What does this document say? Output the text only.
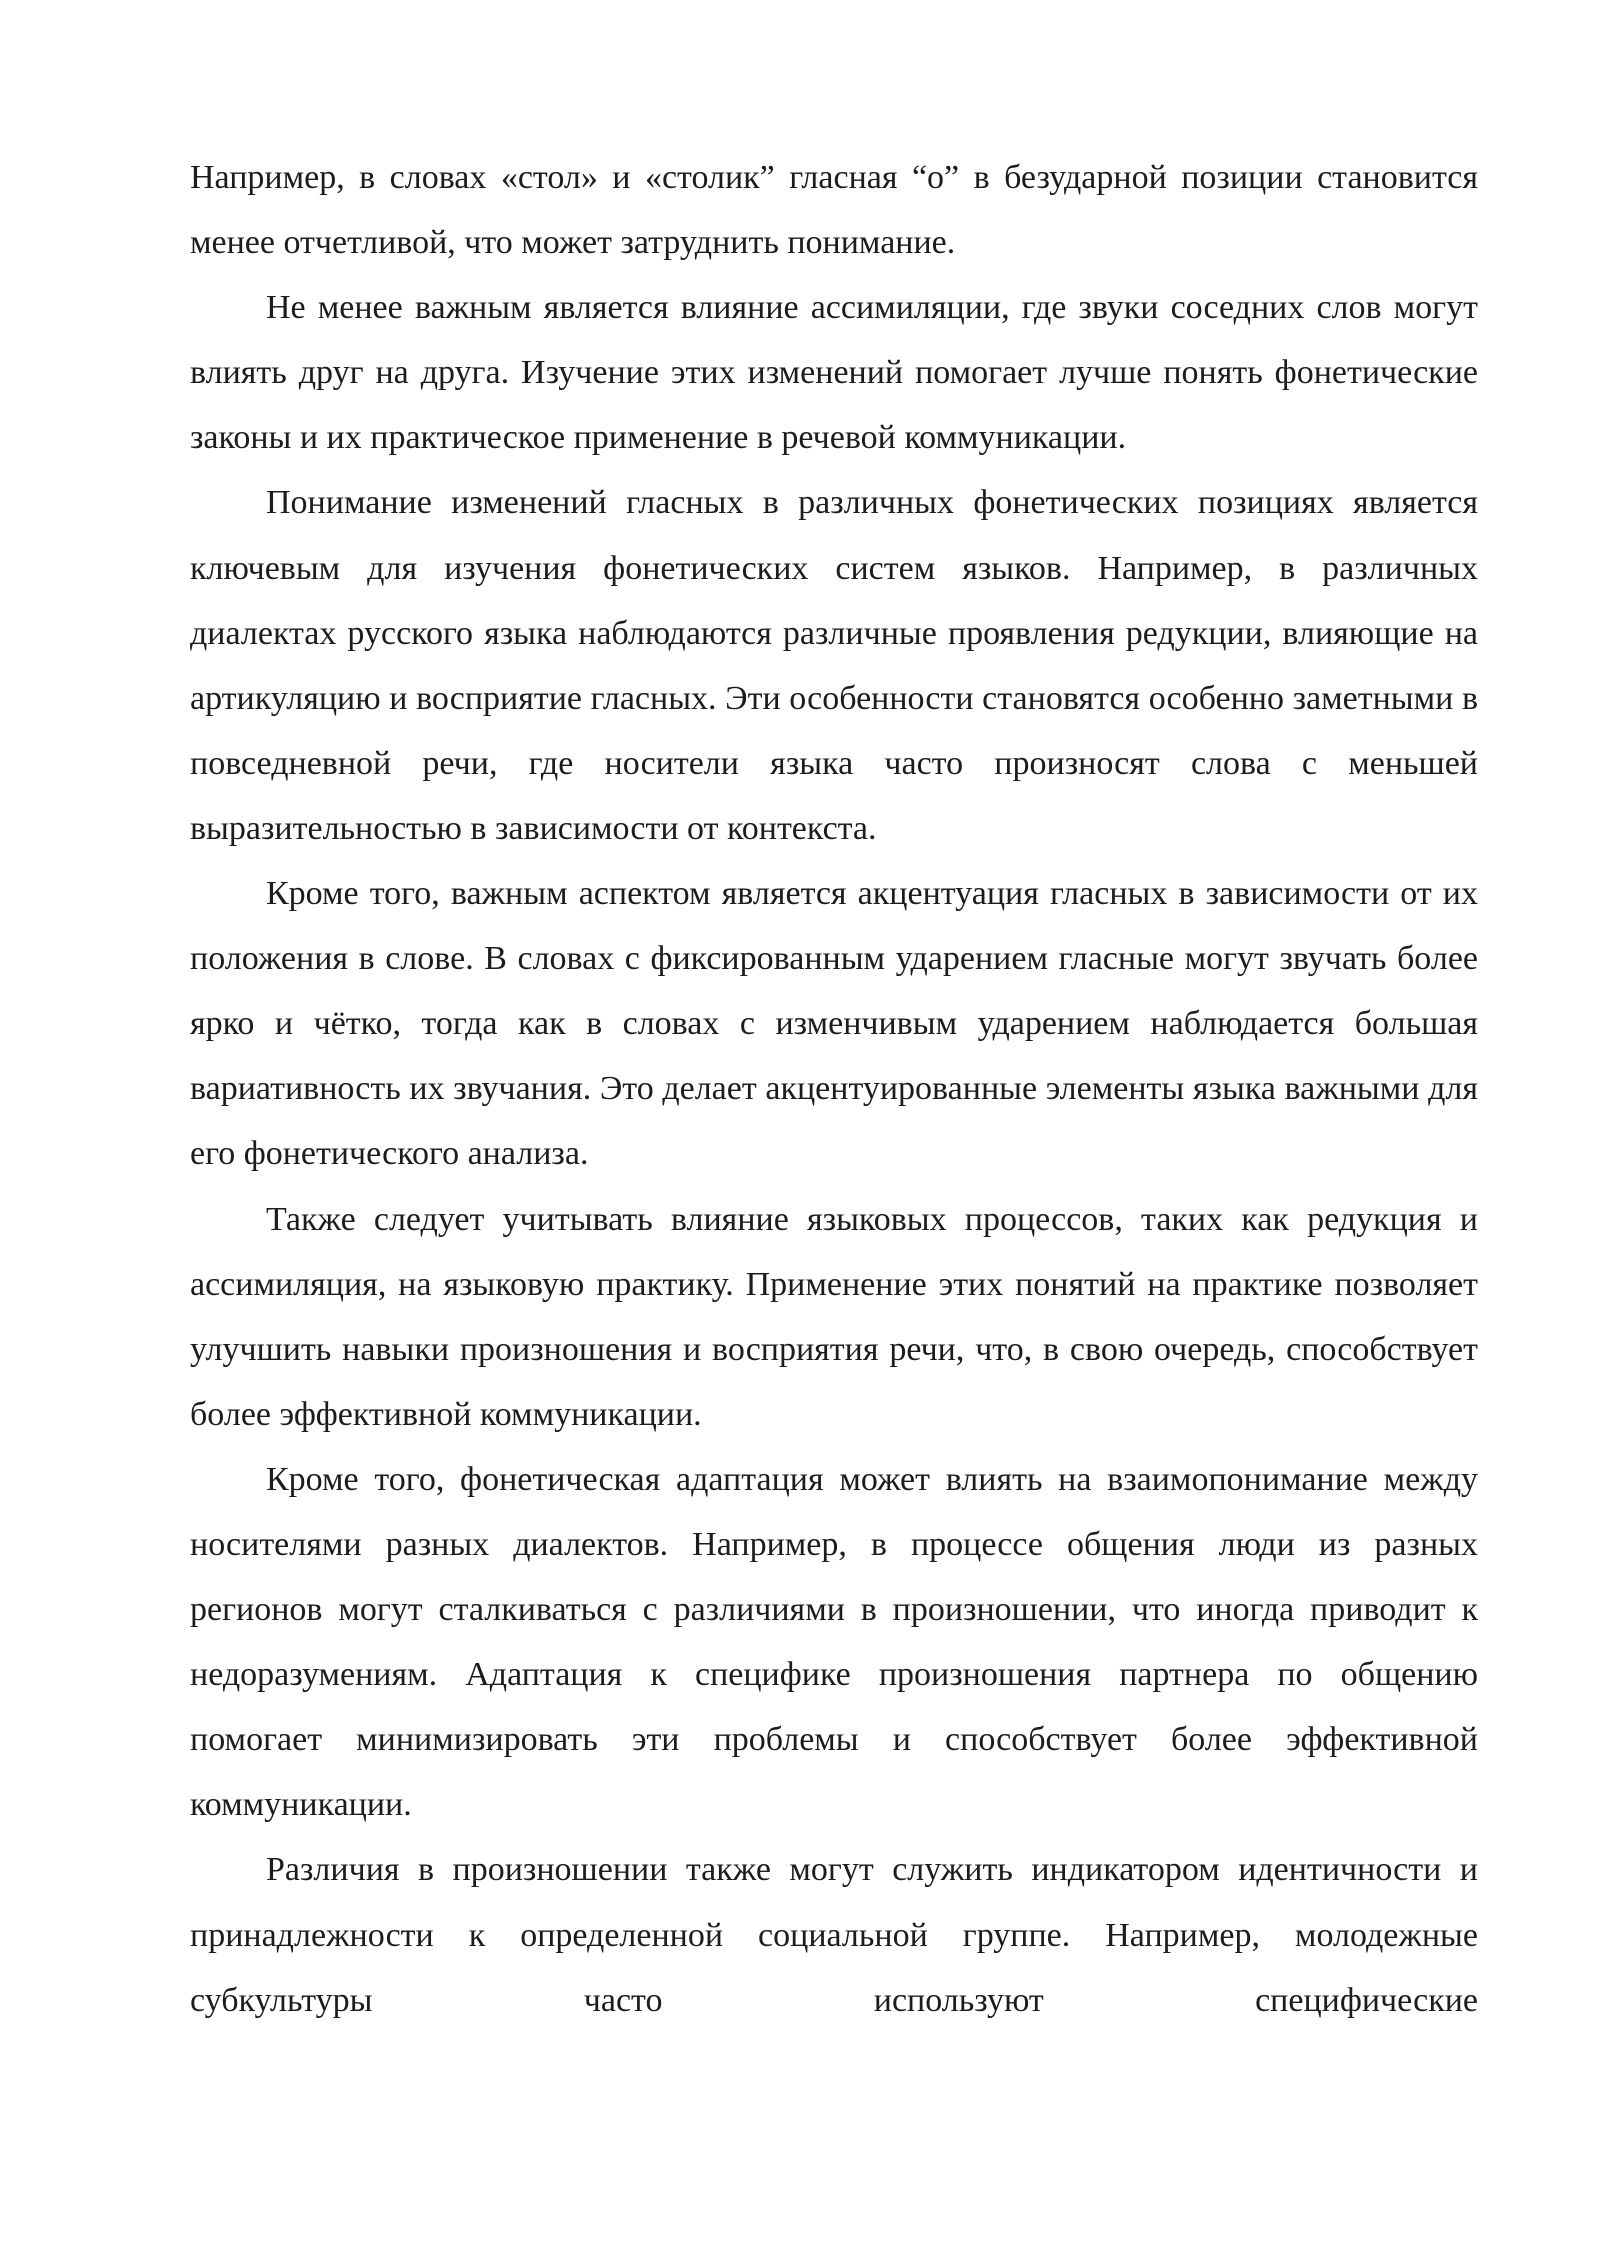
Например, в словах «стол» и «столик” гласная “о” в безударной позиции становится менее отчетливой, что может затруднить понимание.

Не менее важным является влияние ассимиляции, где звуки соседних слов могут влиять друг на друга. Изучение этих изменений помогает лучше понять фонетические законы и их практическое применение в речевой коммуникации.

Понимание изменений гласных в различных фонетических позициях является ключевым для изучения фонетических систем языков. Например, в различных диалектах русского языка наблюдаются различные проявления редукции, влияющие на артикуляцию и восприятие гласных. Эти особенности становятся особенно заметными в повседневной речи, где носители языка часто произносят слова с меньшей выразительностью в зависимости от контекста.

Кроме того, важным аспектом является акцентуация гласных в зависимости от их положения в слове. В словах с фиксированным ударением гласные могут звучать более ярко и чётко, тогда как в словах с изменчивым ударением наблюдается большая вариативность их звучания. Это делает акцентуированные элементы языка важными для его фонетического анализа.

Также следует учитывать влияние языковых процессов, таких как редукция и ассимиляция, на языковую практику. Применение этих понятий на практике позволяет улучшить навыки произношения и восприятия речи, что, в свою очередь, способствует более эффективной коммуникации.

Кроме того, фонетическая адаптация может влиять на взаимопонимание между носителями разных диалектов. Например, в процессе общения люди из разных регионов могут сталкиваться с различиями в произношении, что иногда приводит к недоразумениям. Адаптация к специфике произношения партнера по общению помогает минимизировать эти проблемы и способствует более эффективной коммуникации.

Различия в произношении также могут служить индикатором идентичности и принадлежности к определенной социальной группе. Например, молодежные субкультуры часто используют специфические
